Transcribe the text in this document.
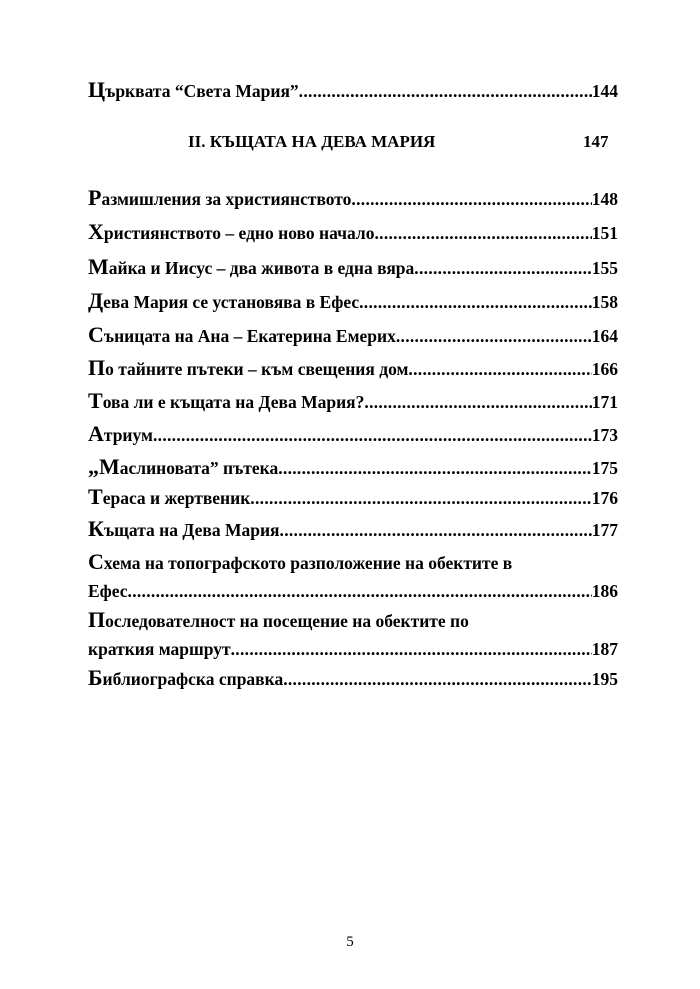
Църквата “Света Мария” .....	144
II. КЪЩАТА НА ДЕВА МАРИЯ	147
Размишления за християнството .....	148
Християнството – едно ново начало .....	151
Майка и Иисус – два живота в една вяра .....	155
Дева Мария се установява в Ефес .....	158
Съницата на Ана – Екатерина Емерих .....	164
По тайните пътеки – към свещения дом .....	166
Това ли е къщата на Дева Мария? .....	171
Атриум .....	173
„Маслиновата” пътека .....	175
Тераса и жертвеник .....	176
Къщата на Дева Мария .....	177
Схема на топографското разположение на обектите в
Ефес .....	186
Последователност на посещение на обектите по
краткия маршрут .....	187
Библиографска справка .....	195
5
